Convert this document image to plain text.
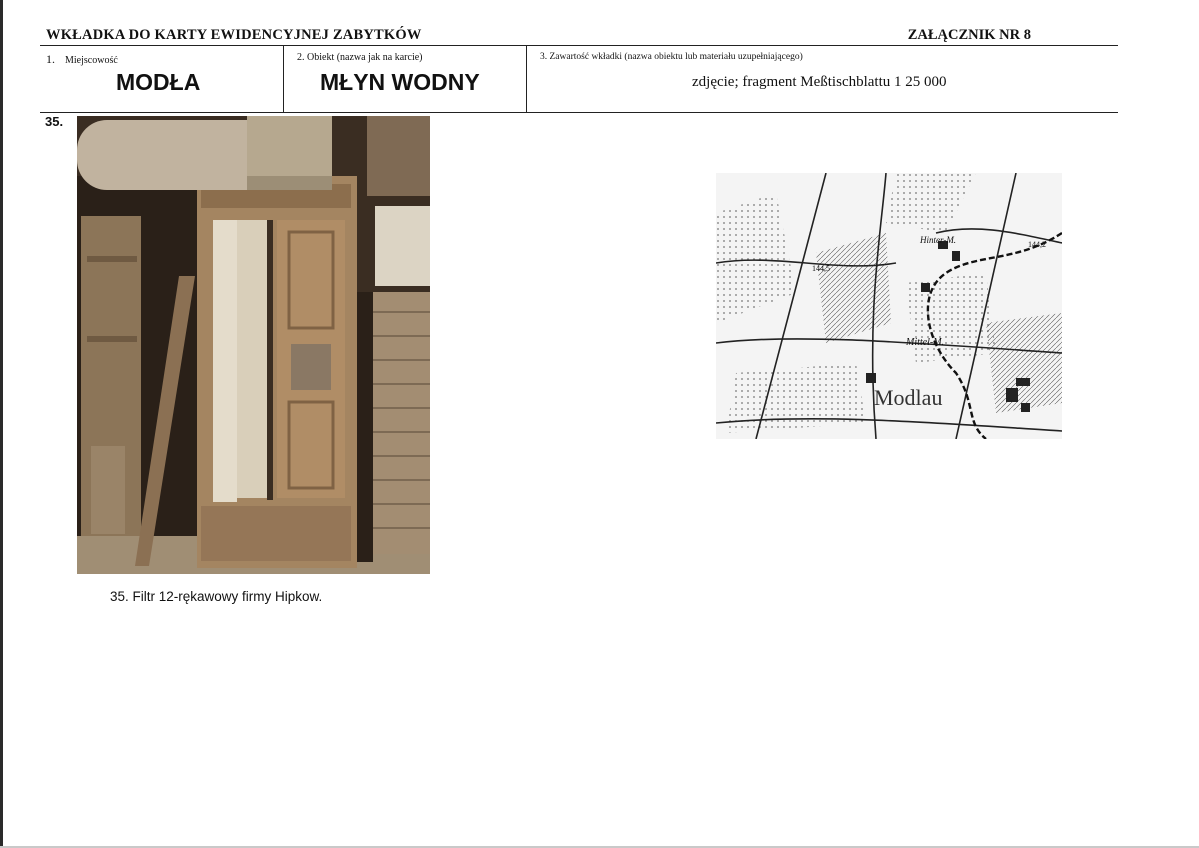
WKŁADKA DO KARTY EWIDENCYJNEJ ZABYTKÓW	ZAŁĄCZNIK NR 8
1. Miejscowość
MODŁA
2. Obiekt (nazwa jak na karcie)
MŁYN WODNY
3. Zawartość wkładki (nazwa obiektu lub materiału uzupełniającego)
zdjęcie; fragment Meßtischblattu 1 25 000
35.
35. Filtr 12-rękawowy firmy Hipkow.
Hinter-M.	144,2
144,5
Mittel-M.
Modlau
